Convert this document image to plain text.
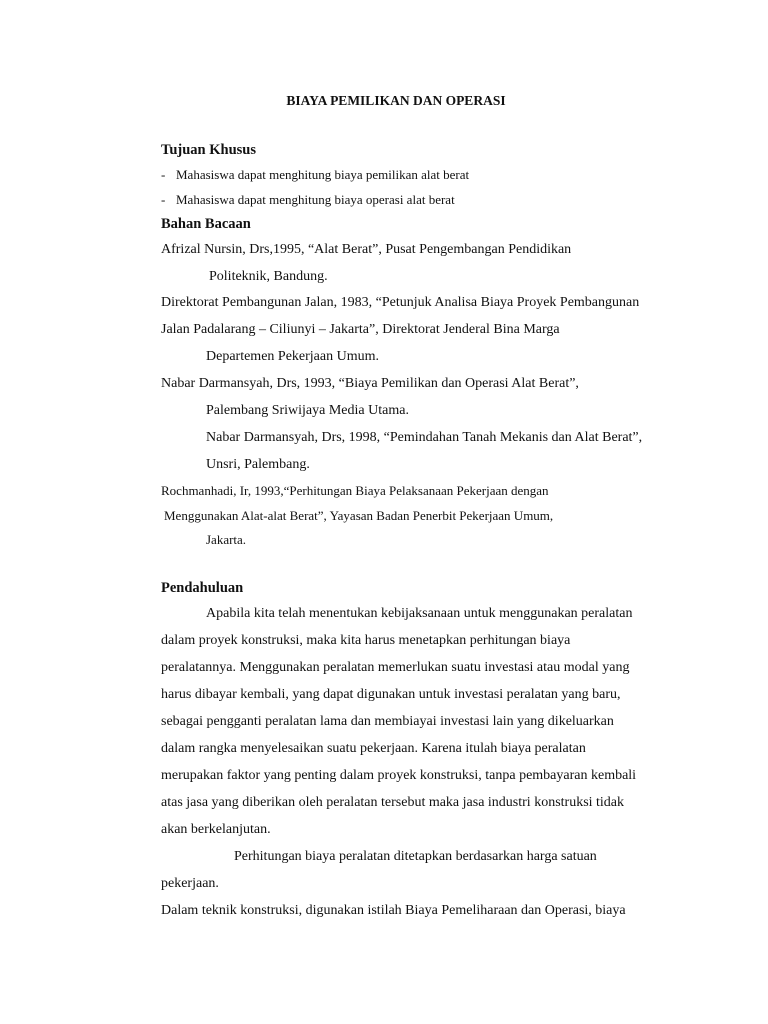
BIAYA PEMILIKAN DAN OPERASI
Tujuan Khusus
- Mahasiswa dapat menghitung biaya pemilikan alat berat
- Mahasiswa dapat menghitung biaya operasi alat berat
Bahan Bacaan
Afrizal Nursin, Drs,1995, “Alat Berat”, Pusat Pengembangan Pendidikan
Politeknik, Bandung.
Direktorat Pembangunan Jalan, 1983, “Petunjuk Analisa Biaya Proyek Pembangunan
Jalan Padalarang – Ciliunyi – Jakarta”, Direktorat Jenderal Bina Marga
Departemen Pekerjaan Umum.
Nabar Darmansyah, Drs, 1993, “Biaya Pemilikan dan Operasi Alat Berat”,
Palembang Sriwijaya Media Utama.
Nabar Darmansyah, Drs, 1998, “Pemindahan Tanah Mekanis dan Alat Berat”,
Unsri, Palembang.
Rochmanhadi, Ir, 1993,“Perhitungan Biaya Pelaksanaan Pekerjaan dengan
Menggunakan Alat-alat Berat”, Yayasan Badan Penerbit Pekerjaan Umum,
Jakarta.
Pendahuluan
Apabila kita telah menentukan kebijaksanaan untuk menggunakan peralatan
dalam proyek konstruksi, maka kita harus menetapkan perhitungan biaya
peralatannya. Menggunakan peralatan memerlukan suatu investasi atau modal yang
harus dibayar kembali, yang dapat digunakan untuk investasi peralatan yang baru,
sebagai pengganti peralatan lama dan membiayai investasi lain yang dikeluarkan
dalam rangka menyelesaikan suatu pekerjaan. Karena itulah biaya peralatan
merupakan faktor yang penting dalam proyek konstruksi, tanpa pembayaran kembali
atas jasa yang diberikan oleh peralatan tersebut maka jasa industri konstruksi tidak
akan berkelanjutan.
Perhitungan biaya peralatan ditetapkan berdasarkan harga satuan
pekerjaan.
Dalam teknik konstruksi, digunakan istilah Biaya Pemeliharaan dan Operasi, biaya
